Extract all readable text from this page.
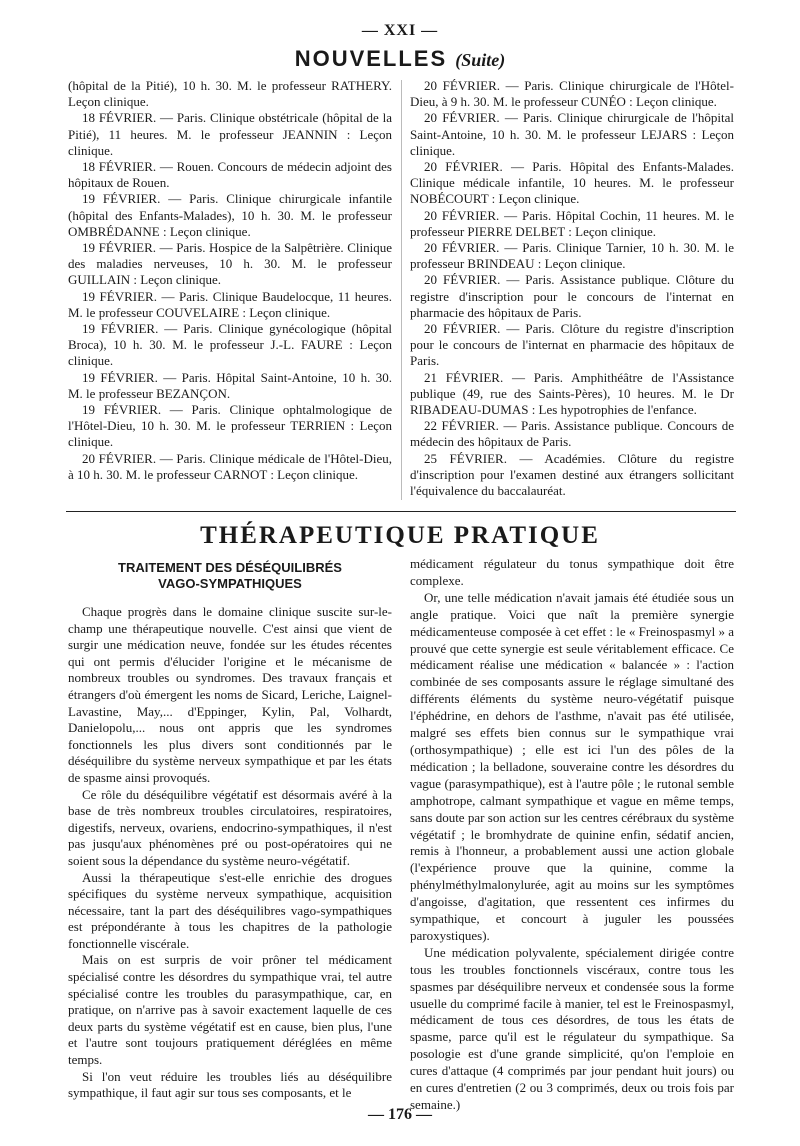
— XXI —
NOUVELLES (Suite)

(hôpital de la Pitié), 10 h. 30. M. le professeur RATHERY. Leçon clinique.

18 FÉVRIER. — Paris. Clinique obstétricale (hôpital de la Pitié), 11 heures. M. le professeur JEANNIN : Leçon clinique.

18 FÉVRIER. — Rouen. Concours de médecin adjoint des hôpitaux de Rouen.

19 FÉVRIER. — Paris. Clinique chirurgicale infantile (hôpital des Enfants-Malades), 10 h. 30. M. le professeur OMBRÉDANNE : Leçon clinique.

19 FÉVRIER. — Paris. Hospice de la Salpêtrière. Clinique des maladies nerveuses, 10 h. 30. M. le professeur GUILLAIN : Leçon clinique.

19 FÉVRIER. — Paris. Clinique Baudelocque, 11 heures. M. le professeur COUVELAIRE : Leçon clinique.

19 FÉVRIER. — Paris. Clinique gynécologique (hôpital Broca), 10 h. 30. M. le professeur J.-L. FAURE : Leçon clinique.

19 FÉVRIER. — Paris. Hôpital Saint-Antoine, 10 h. 30. M. le professeur BEZANÇON.

19 FÉVRIER. — Paris. Clinique ophtalmologique de l'Hôtel-Dieu, 10 h. 30. M. le professeur TERRIEN : Leçon clinique.

20 FÉVRIER. — Paris. Clinique médicale de l'Hôtel-Dieu, à 10 h. 30. M. le professeur CARNOT : Leçon clinique.

20 FÉVRIER. — Paris. Clinique chirurgicale de l'Hôtel-Dieu, à 9 h. 30. M. le professeur CUNÉO : Leçon clinique.

20 FÉVRIER. — Paris. Clinique chirurgicale de l'hôpital Saint-Antoine, 10 h. 30. M. le professeur LEJARS : Leçon clinique.

20 FÉVRIER. — Paris. Hôpital des Enfants-Malades. Clinique médicale infantile, 10 heures. M. le professeur NOBÉCOURT : Leçon clinique.

20 FÉVRIER. — Paris. Hôpital Cochin, 11 heures. M. le professeur PIERRE DELBET : Leçon clinique.

20 FÉVRIER. — Paris. Clinique Tarnier, 10 h. 30. M. le professeur BRINDEAU : Leçon clinique.

20 FÉVRIER. — Paris. Assistance publique. Clôture du registre d'inscription pour le concours de l'internat en pharmacie des hôpitaux de Paris.

20 FÉVRIER. — Paris. Clôture du registre d'inscription pour le concours de l'internat en pharmacie des hôpitaux de Paris.

21 FÉVRIER. — Paris. Amphithéâtre de l'Assistance publique (49, rue des Saints-Pères), 10 heures. M. le Dr RIBADEAU-DUMAS : Les hypotrophies de l'enfance.

22 FÉVRIER. — Paris. Assistance publique. Concours de médecin des hôpitaux de Paris.

25 FÉVRIER. — Académies. Clôture du registre d'inscription pour l'examen destiné aux étrangers sollicitant l'équivalence du baccalauréat.

THÉRAPEUTIQUE PRATIQUE
TRAITEMENT DES DÉSÉQUILIBRÉS
VAGO-SYMPATHIQUES

Chaque progrès dans le domaine clinique suscite sur-le-champ une thérapeutique nouvelle. C'est ainsi que vient de surgir une médication neuve, fondée sur les études récentes qui ont permis d'élucider l'origine et le mécanisme de nombreux troubles ou syndromes. Des travaux français et étrangers d'où émergent les noms de Sicard, Leriche, Laignel-Lavastine, May,... d'Eppinger, Kylin, Pal, Volhardt, Danielopolu,... nous ont appris que les syndromes fonctionnels les plus divers sont conditionnés par le déséquilibre du système nerveux sympathique et par les états de spasme ainsi provoqués.

Ce rôle du déséquilibre végétatif est désormais avéré à la base de très nombreux troubles circulatoires, respiratoires, digestifs, nerveux, ovariens, endocrino-sympathiques, il n'est pas jusqu'aux phénomènes pré ou post-opératoires qui ne soient sous la dépendance du système neuro-végétatif.

Aussi la thérapeutique s'est-elle enrichie des drogues spécifiques du système nerveux sympathique, acquisition nécessaire, tant la part des déséquilibres vago-sympathiques est prépondérante à tous les chapitres de la pathologie fonctionnelle viscérale.

Mais on est surpris de voir prôner tel médicament spécialisé contre les désordres du sympathique vrai, tel autre spécialisé contre les troubles du parasympathique, car, en pratique, on n'arrive pas à savoir exactement laquelle de ces deux parts du système végétatif est en cause, bien plus, l'une et l'autre sont toujours pratiquement déréglées en même temps.

Si l'on veut réduire les troubles liés au déséquilibre sympathique, il faut agir sur tous ses composants, et le

médicament régulateur du tonus sympathique doit être complexe.

Or, une telle médication n'avait jamais été étudiée sous un angle pratique. Voici que naît la première synergie médicamenteuse composée à cet effet : le « Freinospasmyl » a prouvé que cette synergie est seule véritablement efficace. Ce médicament réalise une médication « balancée » : l'action combinée de ses composants assure le réglage simultané des différents éléments du système neuro-végétatif puisque l'éphédrine, en dehors de l'asthme, n'avait pas été utilisée, malgré ses effets bien connus sur le sympathique vrai (orthosympathique) ; elle est ici l'un des pôles de la médication ; la belladone, souveraine contre les désordres du vague (parasympathique), est à l'autre pôle ; le rutonal semble amphotrope, calmant sympathique et vague en même temps, sans doute par son action sur les centres cérébraux du système végétatif ; le bromhydrate de quinine enfin, sédatif ancien, remis à l'honneur, a probablement aussi une action globale (l'expérience prouve que la quinine, comme la phénylméthylmalonylurée, agit au moins sur les symptômes d'angoisse, d'agitation, que ressentent ces infirmes du sympathique, et concourt à juguler les poussées paroxystiques).

Une médication polyvalente, spécialement dirigée contre tous les troubles fonctionnels viscéraux, contre tous les spasmes par déséquilibre nerveux et condensée sous la forme usuelle du comprimé facile à manier, tel est le Freinospasmyl, médicament de tous ces désordres, de tous les états de spasme, parce qu'il est le régulateur du sympathique. Sa posologie est d'une grande simplicité, qu'on l'emploie en cures d'attaque (4 comprimés par jour pendant huit jours) ou en cures d'entretien (2 ou 3 comprimés, deux ou trois fois par semaine.)

— 176 —
